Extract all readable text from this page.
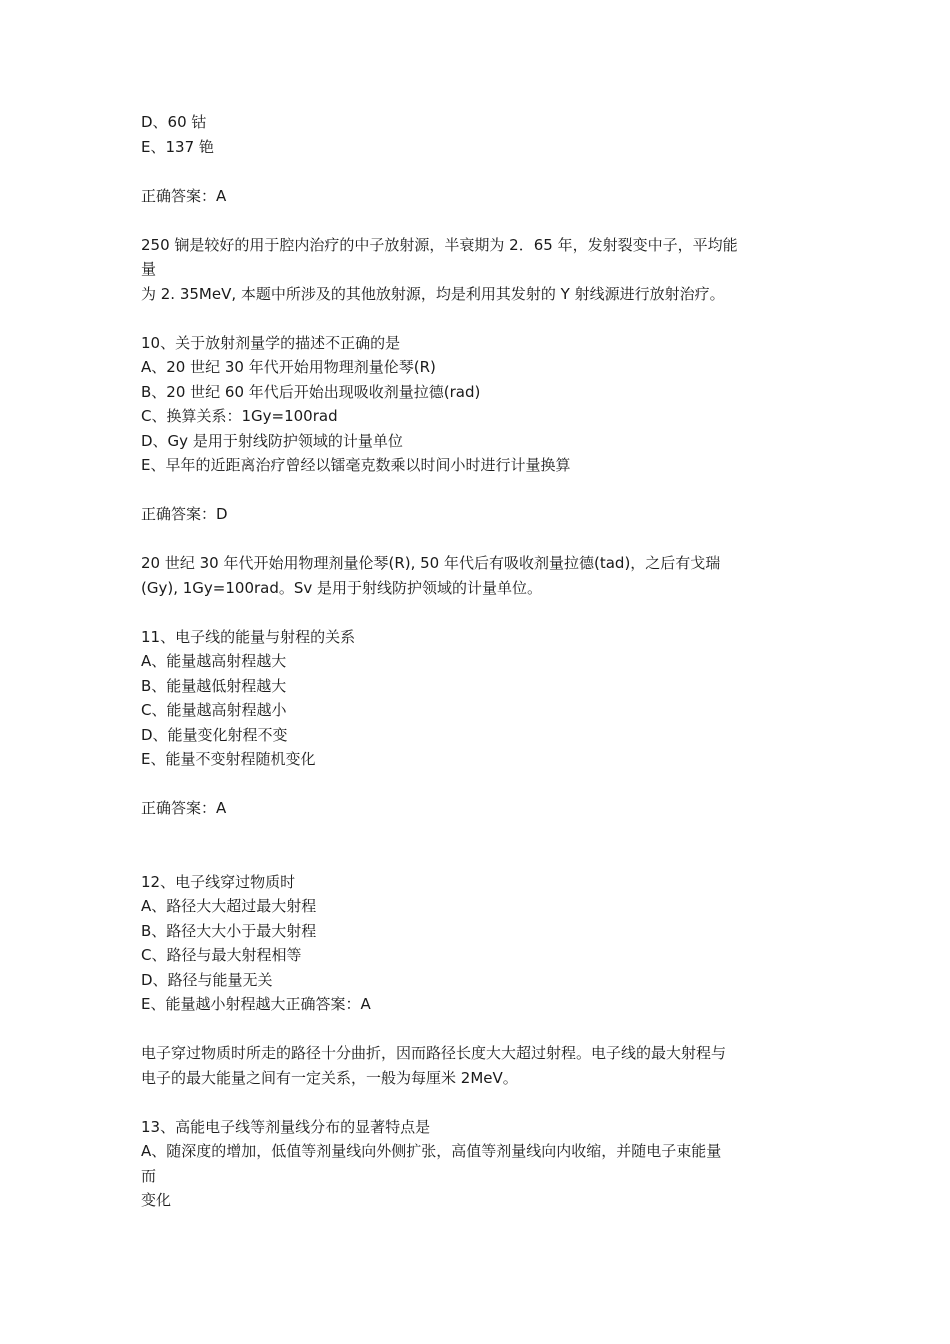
D、60 钴
E、137 铯
正确答案：A
250 锎是较好的用于腔内治疗的中子放射源，半衰期为 2．65 年，发射裂变中子，平均能
量
为 2. 35MeV, 本题中所涉及的其他放射源，均是利用其发射的 Y 射线源进行放射治疗。
10、关于放射剂量学的描述不正确的是
A、20 世纪 30 年代开始用物理剂量伦琴(R)
B、20 世纪 60 年代后开始出现吸收剂量拉德(rad)
C、换算关系：1Gy=100rad
D、Gy 是用于射线防护领域的计量单位
E、早年的近距离治疗曾经以镭毫克数乘以时间小时进行计量换算
正确答案：D
20 世纪 30 年代开始用物理剂量伦琴(R), 50 年代后有吸收剂量拉德(tad)，之后有戈瑞
(Gy), 1Gy=100rad。Sv 是用于射线防护领域的计量单位。
11、电子线的能量与射程的关系
A、能量越高射程越大
B、能量越低射程越大
C、能量越高射程越小
D、能量变化射程不变
E、能量不变射程随机变化
正确答案：A
12、电子线穿过物质时
A、路径大大超过最大射程
B、路径大大小于最大射程
C、路径与最大射程相等
D、路径与能量无关
E、能量越小射程越大正确答案：A
电子穿过物质时所走的路径十分曲折，因而路径长度大大超过射程。电子线的最大射程与
电子的最大能量之间有一定关系，一般为每厘米 2MeV。
13、高能电子线等剂量线分布的显著特点是
A、随深度的增加，低值等剂量线向外侧扩张，高值等剂量线向内收缩，并随电子束能量
而
变化
